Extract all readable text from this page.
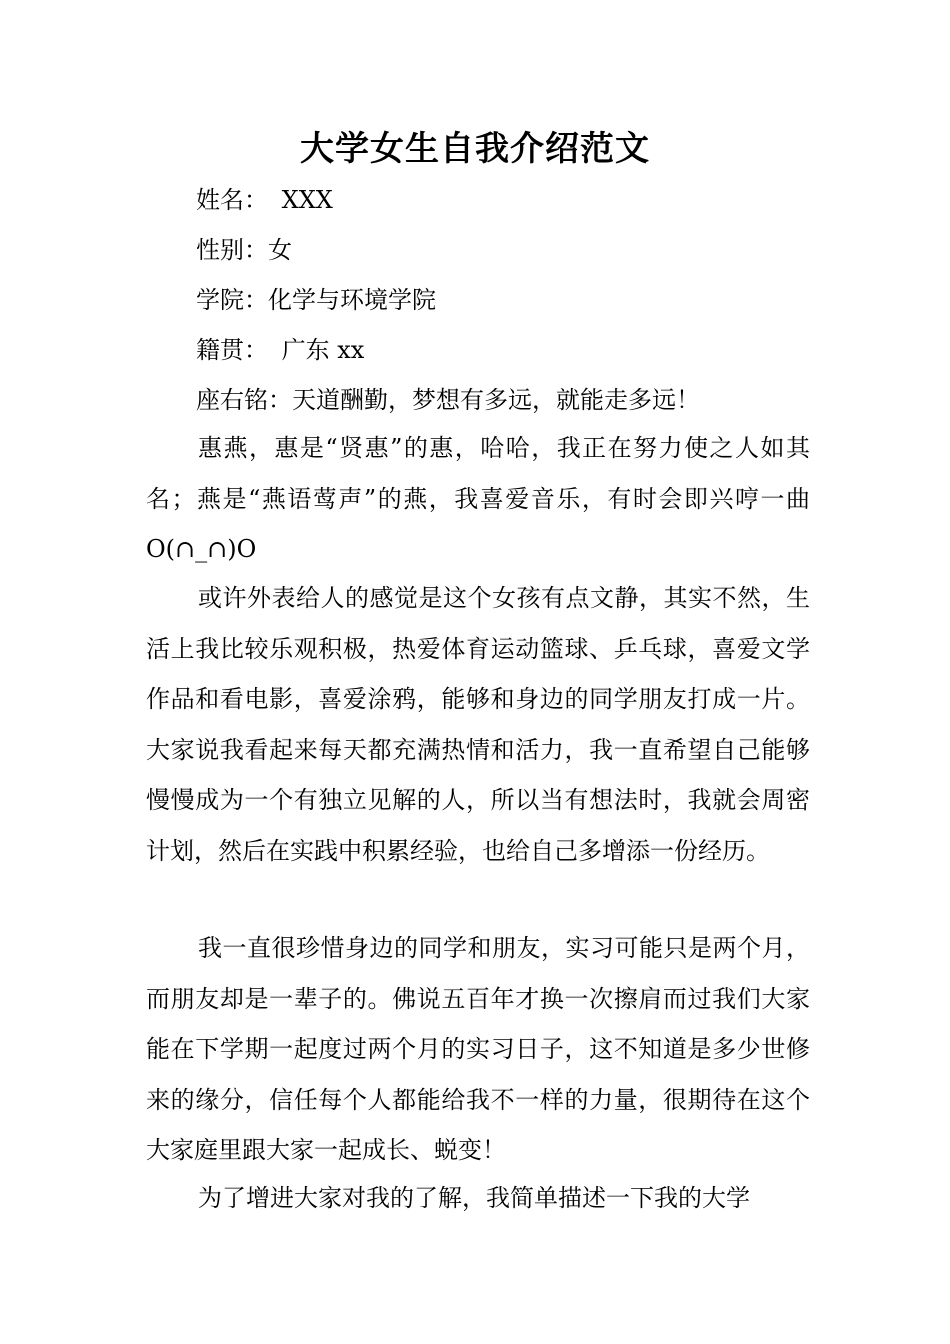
大学女生自我介绍范文
姓名： XXX
性别：女
学院：化学与环境学院
籍贯： 广东 xx
座右铭：天道酬勤，梦想有多远，就能走多远！

惠燕，惠是“贤惠”的惠，哈哈，我正在努力使之人如其名；燕是“燕语莺声”的燕，我喜爱音乐，有时会即兴哼一曲 O(∩_∩)O

或许外表给人的感觉是这个女孩有点文静，其实不然，生活上我比较乐观积极，热爱体育运动篮球、乒乓球，喜爱文学作品和看电影，喜爱涂鸦，能够和身边的同学朋友打成一片。大家说我看起来每天都充满热情和活力，我一直希望自己能够慢慢成为一个有独立见解的人，所以当有想法时，我就会周密计划，然后在实践中积累经验，也给自己多增添一份经历。

我一直很珍惜身边的同学和朋友，实习可能只是两个月，而朋友却是一辈子的。佛说五百年才换一次擦肩而过我们大家能在下学期一起度过两个月的实习日子，这不知道是多少世修来的缘分，信任每个人都能给我不一样的力量，很期待在这个大家庭里跟大家一起成长、蜕变！

为了增进大家对我的了解，我简单描述一下我的大学
